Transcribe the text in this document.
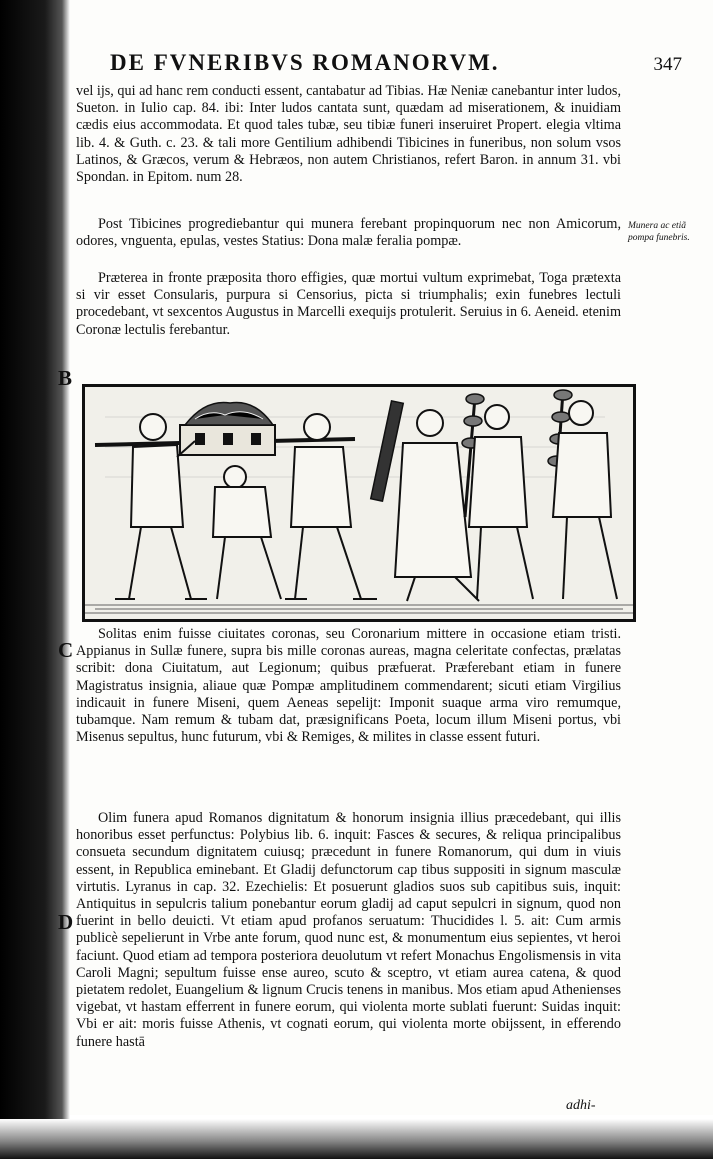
DE FVNERIBVS ROMANORVM.	347

vel ijs, qui ad hanc rem conducti essent, cantabatur ad Tibias. Hæ Neniæ canebantur inter ludos, Sueton. in Iulio cap. 84. ibi: Inter ludos cantata sunt, quædam ad miserationem, & inuidiam cædis eius accommodata. Et quod tales tubæ, seu tibiæ funeri inseruiret Propert. elegia vltima lib. 4. & Guth. c. 23. & tali more Gentilium adhibendi Tibicines in funeribus, non solum vsos Latinos, & Græcos, verum & Hebræos, non autem Christianos, refert Baron. in annum 31. vbi Spondan. in Epitom. num 28.

Post Tibicines progrediebantur qui munera ferebant propinquorum nec non Amicorum, odores, vnguenta, epulas, vestes Statius: Dona malæ feralia pompæ.

Munera ac etiã pompa funebris.

Præterea in fronte præposita thoro effigies, quæ mortui vultum exprimebat, Toga prætexta si vir esset Consularis, purpura si Censorius, picta si triumphalis; exin funebres lectuli procedebant, vt sexcentos Augustus in Marcelli exequijs protulerit. Seruius in 6. Aeneid. etenim Coronæ lectulis ferebantur.

B
C

Solitas enim fuisse ciuitates coronas, seu Coronarium mittere in occasione etiam tristi. Appianus in Sullæ funere, supra bis mille coronas aureas, magna celeritate confectas, prælatas scribit: dona Ciuitatum, aut Legionum; quibus præfuerat. Præferebant etiam in funere Magistratus insignia, aliaue quæ Pompæ amplitudinem commendarent; sicuti etiam Virgilius indicauit in funere Miseni, quem Aeneas sepelijt: Imponit suaque arma viro remumque, tubamque. Nam remum & tubam dat, præsignificans Poeta, locum illum Miseni portus, vbi Misenus sepultus, hunc futurum, vbi & Remiges, & milites in classe essent futuri.

Olim funera apud Romanos dignitatum & honorum insignia illius præcedebant, qui illis honoribus esset perfunctus: Polybius lib. 6. inquit: Fasces & secures, & reliqua principalibus consueta secundum dignitatem cuiusq; præcedunt in funere Romanorum, qui dum in viuis essent, in Republica eminebant. Et Gladij defunctorum cap tibus suppositi in signum masculæ virtutis. Lyranus in cap. 32. Ezechielis: Et posuerunt gladios suos sub capitibus suis, inquit: Antiquitus in sepulcris talium ponebantur eorum gladij ad caput sepulcri in signum, quod non fuerint in bello deuicti. Vt etiam apud profanos seruatum: Thucidides l. 5. ait: Cum armis publicè sepelierunt in Vrbe ante forum, quod nunc est, & monumentum eius sepientes, vt heroi faciunt. Quod etiam ad tempora posteriora deuolutum vt refert Monachus Engolismensis in vita Caroli Magni; sepultum fuisse ense aureo, scuto & sceptro, vt etiam aurea catena, & quod pietatem redolet, Euangelium & lignum Crucis tenens in manibus. Mos etiam apud Athenienses vigebat, vt hastam efferrent in funere eorum, qui violenta morte sublati fuerunt: Suidas inquit: Vbi er ait: moris fuisse Athenis, vt cognati eorum, qui violenta morte obijssent, in efferendo funere hastā

D
adhi-
